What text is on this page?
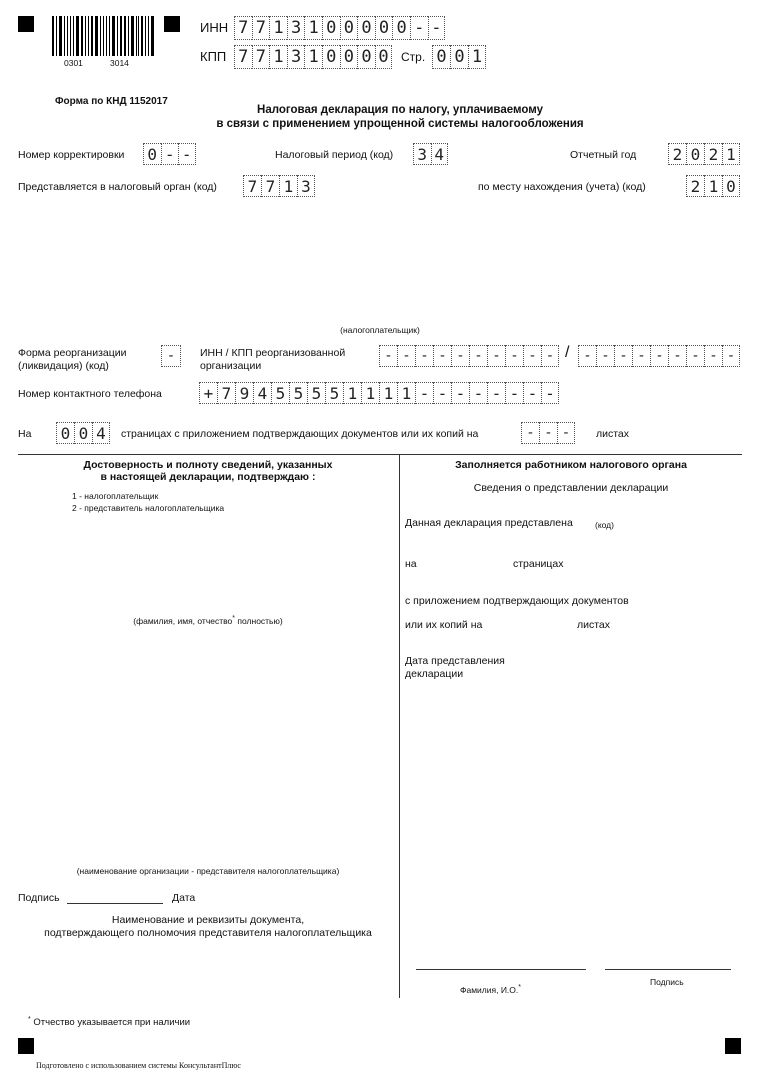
0301	3014
ИНН 7 7 1 3 1 0 0 0 0 0 - -
КПП 7 7 1 3 1 0 0 0 0	Стр. 0 0 1
Форма по КНД 1152017
Налоговая декларация по налогу, уплачиваемому
в связи с применением упрощенной системы налогообложения
Номер корректировки 0 - -	Налоговый период (код) 3 4	Отчетный год 2 0 2 1
Представляется в налоговый орган (код) 7 7 1 3	по месту нахождения (учета) (код)	2 1 0
(налогоплательщик)
Форма реорганизации
(ликвидация) (код)
-	ИНН / КПП реорганизованной
организации
- - - - - - - - - - / - - - - - - - - -
Номер контактного телефона	+ 7 9 4 5 5 5 5 1 1 1 1 - - - - - - - -
На 0 0 4	страницах с приложением подтверждающих документов или их копий на	- - -	листах
Достоверность и полноту сведений, указанных
в настоящей декларации, подтверждаю :
1 - налогоплательщик
2 - представитель налогоплательщика
(фамилия, имя, отчество* полностью)
(наименование организации - представителя налогоплательщика)
Подпись	Дата
Наименование и реквизиты документа,
подтверждающего полномочия представителя налогоплательщика
* Отчество указывается при наличии
Заполняется работником налогового органа
Сведения о представлении декларации
Данная декларация представлена	(код)
на	страницах
с приложением подтверждающих документов
или их копий на	листах
Дата представления
декларации
Фамилия, И.О.*
Подпись
Подготовлено с использованием системы КонсультантПлюс
